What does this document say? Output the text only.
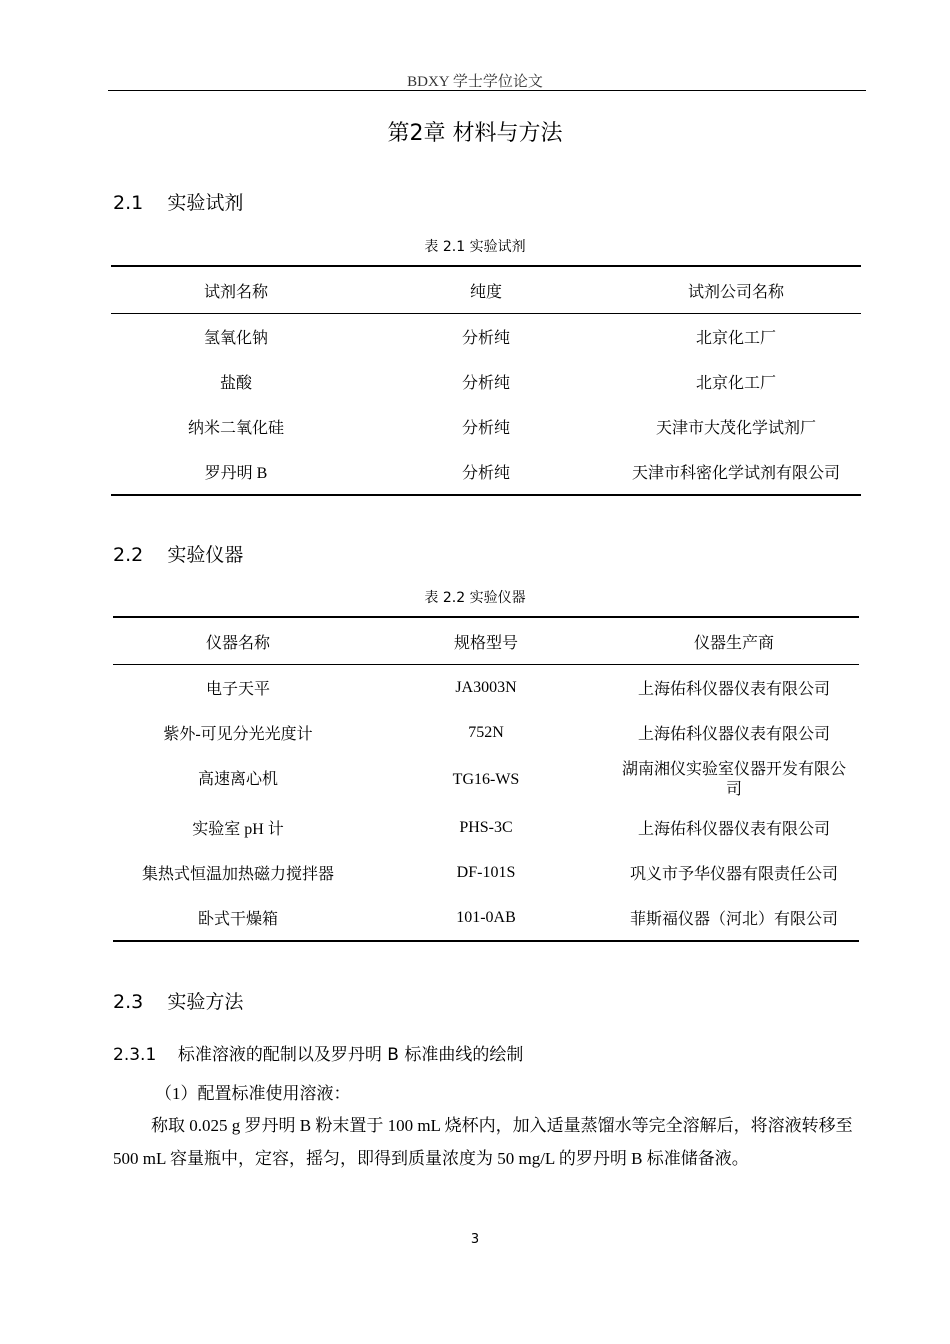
BDXY 学士学位论文
第2章 材料与方法
2.1    实验试剂
表 2.1 实验试剂
试剂名称	纯度	试剂公司名称
氢氧化钠	分析纯	北京化工厂
盐酸	分析纯	北京化工厂
纳米二氧化硅	分析纯	天津市大茂化学试剂厂
罗丹明 B	分析纯	天津市科密化学试剂有限公司
2.2    实验仪器
表 2.2 实验仪器
仪器名称	规格型号	仪器生产商
电子天平	JA3003N	上海佑科仪器仪表有限公司
紫外-可见分光光度计	752N	上海佑科仪器仪表有限公司
高速离心机	TG16-WS	湖南湘仪实验室仪器开发有限公司
实验室 pH 计	PHS-3C	上海佑科仪器仪表有限公司
集热式恒温加热磁力搅拌器	DF-101S	巩义市予华仪器有限责任公司
卧式干燥箱	101-0AB	菲斯福仪器（河北）有限公司
2.3    实验方法
2.3.1    标准溶液的配制以及罗丹明 B 标准曲线的绘制
（1）配置标准使用溶液：
称取 0.025 g 罗丹明 B 粉末置于 100 mL 烧杯内，加入适量蒸馏水等完全溶解后，将溶液转移至 500 mL 容量瓶中，定容，摇匀，即得到质量浓度为 50 mg/L 的罗丹明 B 标准储备液。
3
